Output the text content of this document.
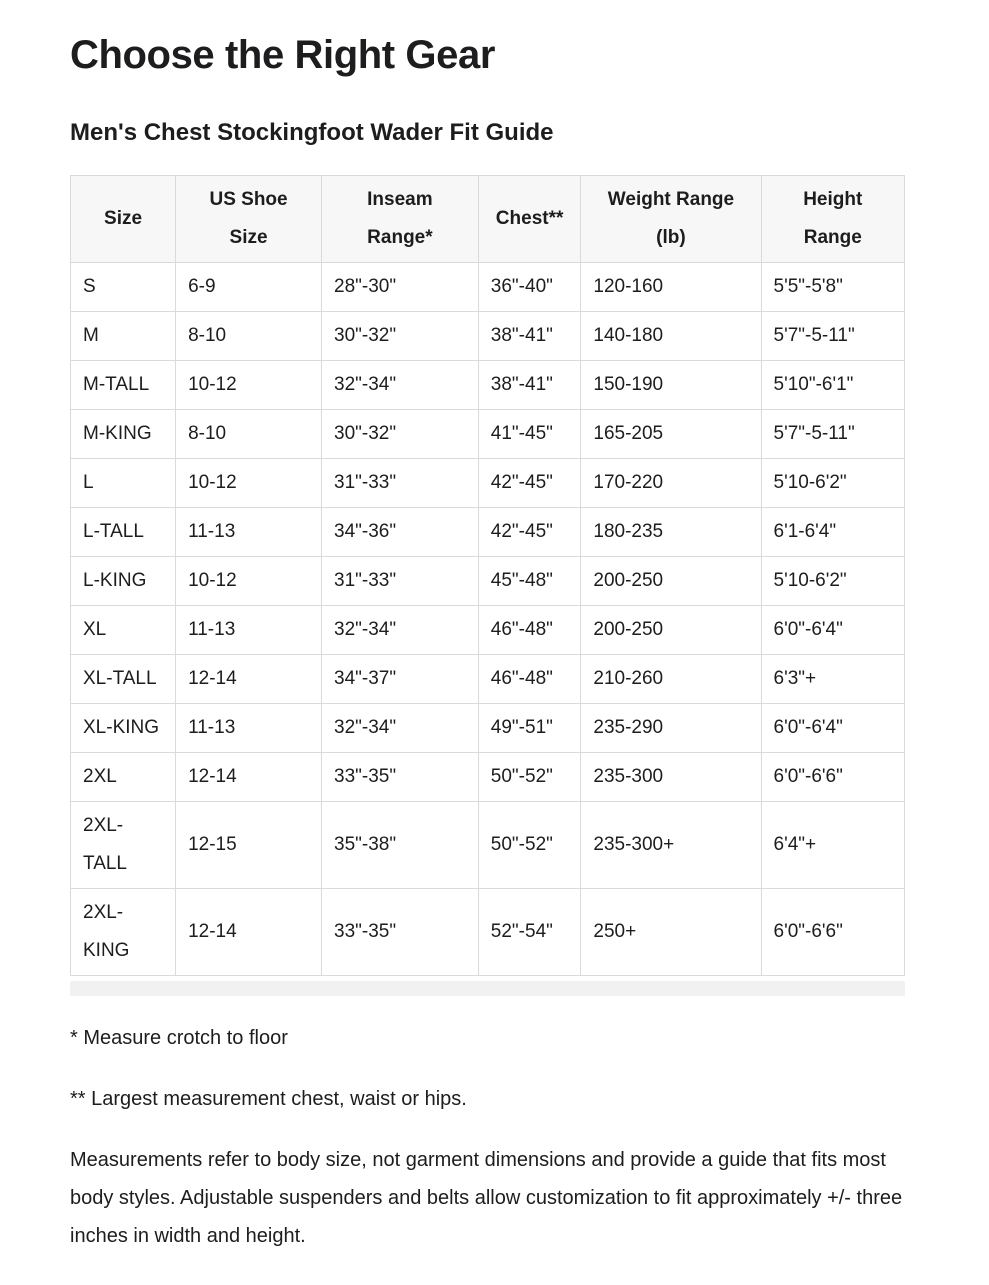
Choose the Right Gear
Men's Chest Stockingfoot Wader Fit Guide
Size	US Shoe Size	Inseam Range*	Chest**	Weight Range (lb)	Height Range
S	6-9	28"-30"	36"-40"	120-160	5'5"-5'8"
M	8-10	30"-32"	38"-41"	140-180	5'7"-5-11"
M-TALL	10-12	32"-34"	38"-41"	150-190	5'10"-6'1"
M-KING	8-10	30"-32"	41"-45"	165-205	5'7"-5-11"
L	10-12	31"-33"	42"-45"	170-220	5'10-6'2"
L-TALL	11-13	34"-36"	42"-45"	180-235	6'1-6'4"
L-KING	10-12	31"-33"	45"-48"	200-250	5'10-6'2"
XL	11-13	32"-34"	46"-48"	200-250	6'0"-6'4"
XL-TALL	12-14	34"-37"	46"-48"	210-260	6'3"+
XL-KING	11-13	32"-34"	49"-51"	235-290	6'0"-6'4"
2XL	12-14	33"-35"	50"-52"	235-300	6'0"-6'6"
2XL-TALL	12-15	35"-38"	50"-52"	235-300+	6'4"+
2XL-KING	12-14	33"-35"	52"-54"	250+	6'0"-6'6"

* Measure crotch to floor

** Largest measurement chest, waist or hips.

Measurements refer to body size, not garment dimensions and provide a guide that fits most body styles. Adjustable suspenders and belts allow customization to fit approximately +/- three inches in width and height.
